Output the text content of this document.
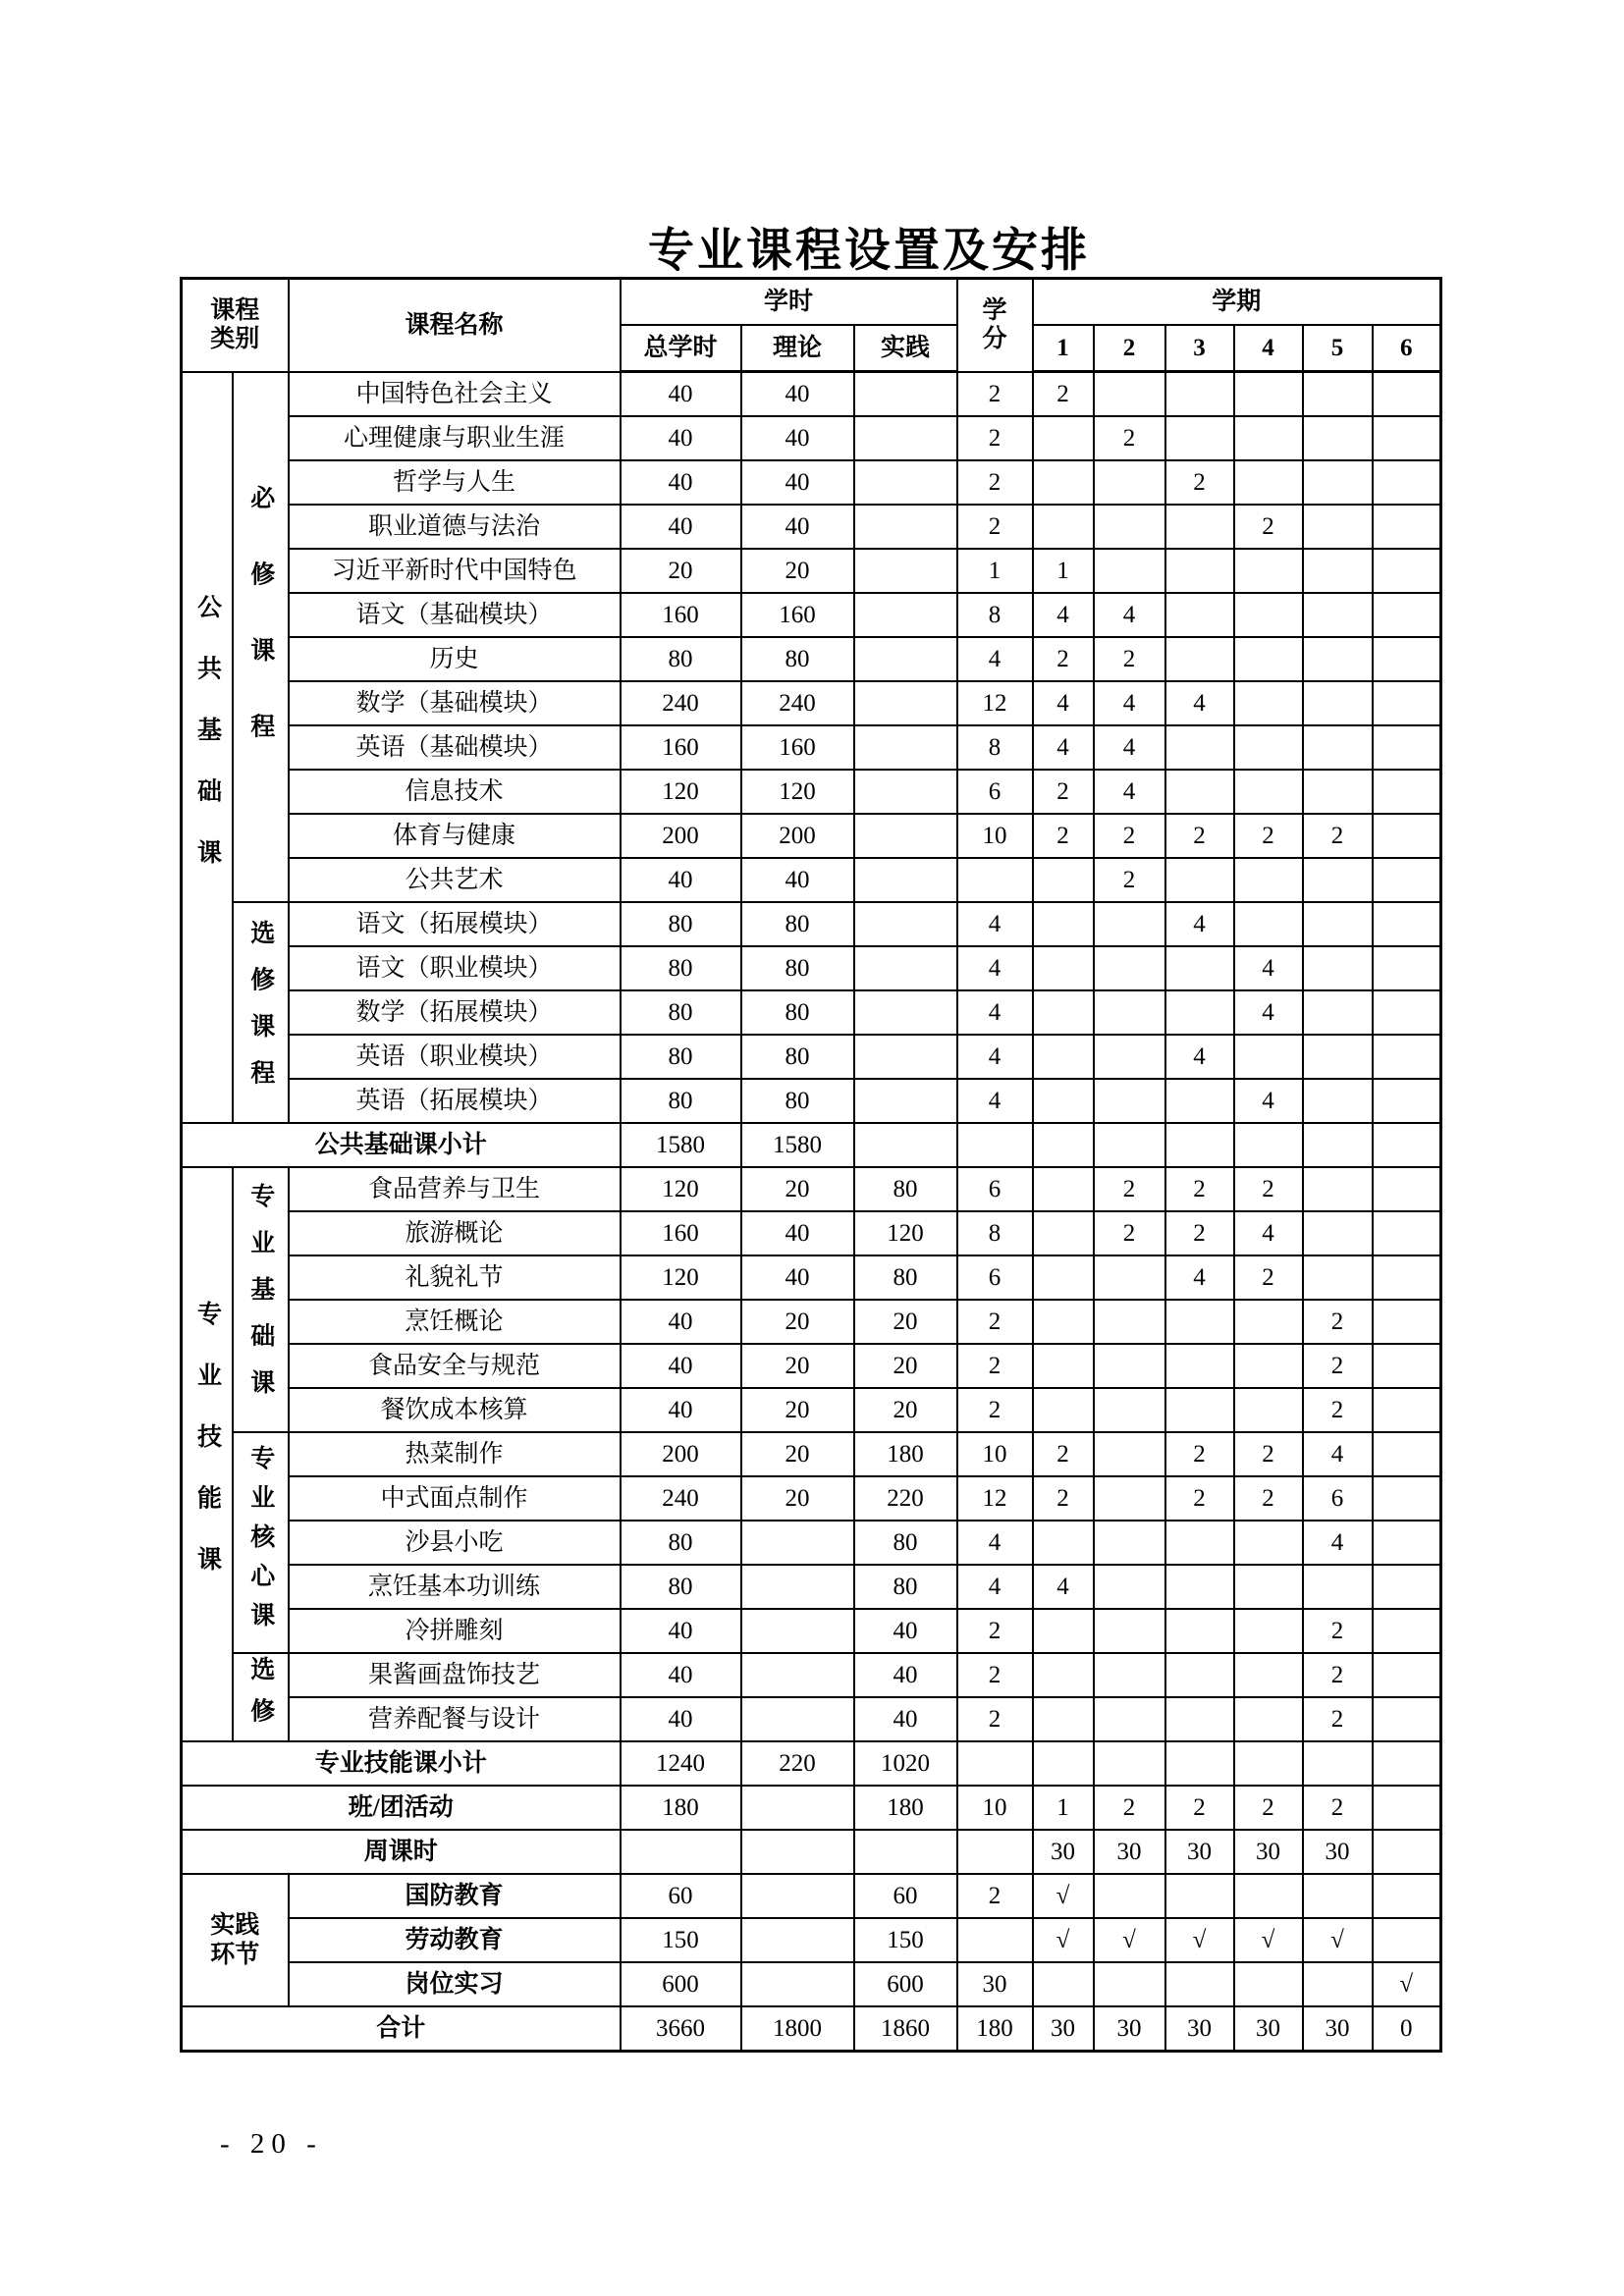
专业课程设置及安排
课程类别		课程名称	学时			学分	学期					
			总学时	理论	实践		1	2	3	4	5	6
公共基础课	必修课程	中国特色社会主义	40	40		2	2					
		心理健康与职业生涯	40	40		2		2				
		哲学与人生	40	40		2			2			
		职业道德与法治	40	40		2				2		
		习近平新时代中国特色	20	20		1	1					
		语文（基础模块）	160	160		8	4	4				
		历史	80	80		4	2	2				
		数学（基础模块）	240	240		12	4	4	4			
		英语（基础模块）	160	160		8	4	4				
		信息技术	120	120		6	2	4				
		体育与健康	200	200		10	2	2	2	2	2	
		公共艺术	40	40				2				
	选修课程	语文（拓展模块）	80	80		4			4			
		语文（职业模块）	80	80		4				4		
		数学（拓展模块）	80	80		4				4		
		英语（职业模块）	80	80		4			4			
		英语（拓展模块）	80	80		4				4		
公共基础课小计			1580	1580								
专业技能课	专业基础课	食品营养与卫生	120	20	80	6		2	2	2		
		旅游概论	160	40	120	8		2	2	4		
		礼貌礼节	120	40	80	6			4	2		
		烹饪概论	40	20	20	2					2	
		食品安全与规范	40	20	20	2					2	
		餐饮成本核算	40	20	20	2					2	
	专业核心课	热菜制作	200	20	180	10	2		2	2	4	
		中式面点制作	240	20	220	12	2		2	2	6	
		沙县小吃	80		80	4					4	
		烹饪基本功训练	80		80	4	4					
		冷拼雕刻	40		40	2					2	
	选修	果酱画盘饰技艺	40		40	2					2	
		营养配餐与设计	40		40	2					2	
专业技能课小计			1240	220	1020							
班/团活动			180		180	10	1	2	2	2	2	
周课时							30	30	30	30	30	

实践环节		国防教育	60		60	2	√					
		劳动教育	150		150		√	√	√	√	√	
		岗位实习	600		600	30						√
合计			3660	1800	1860	180	30	30	30	30	30	0
- 20 -
